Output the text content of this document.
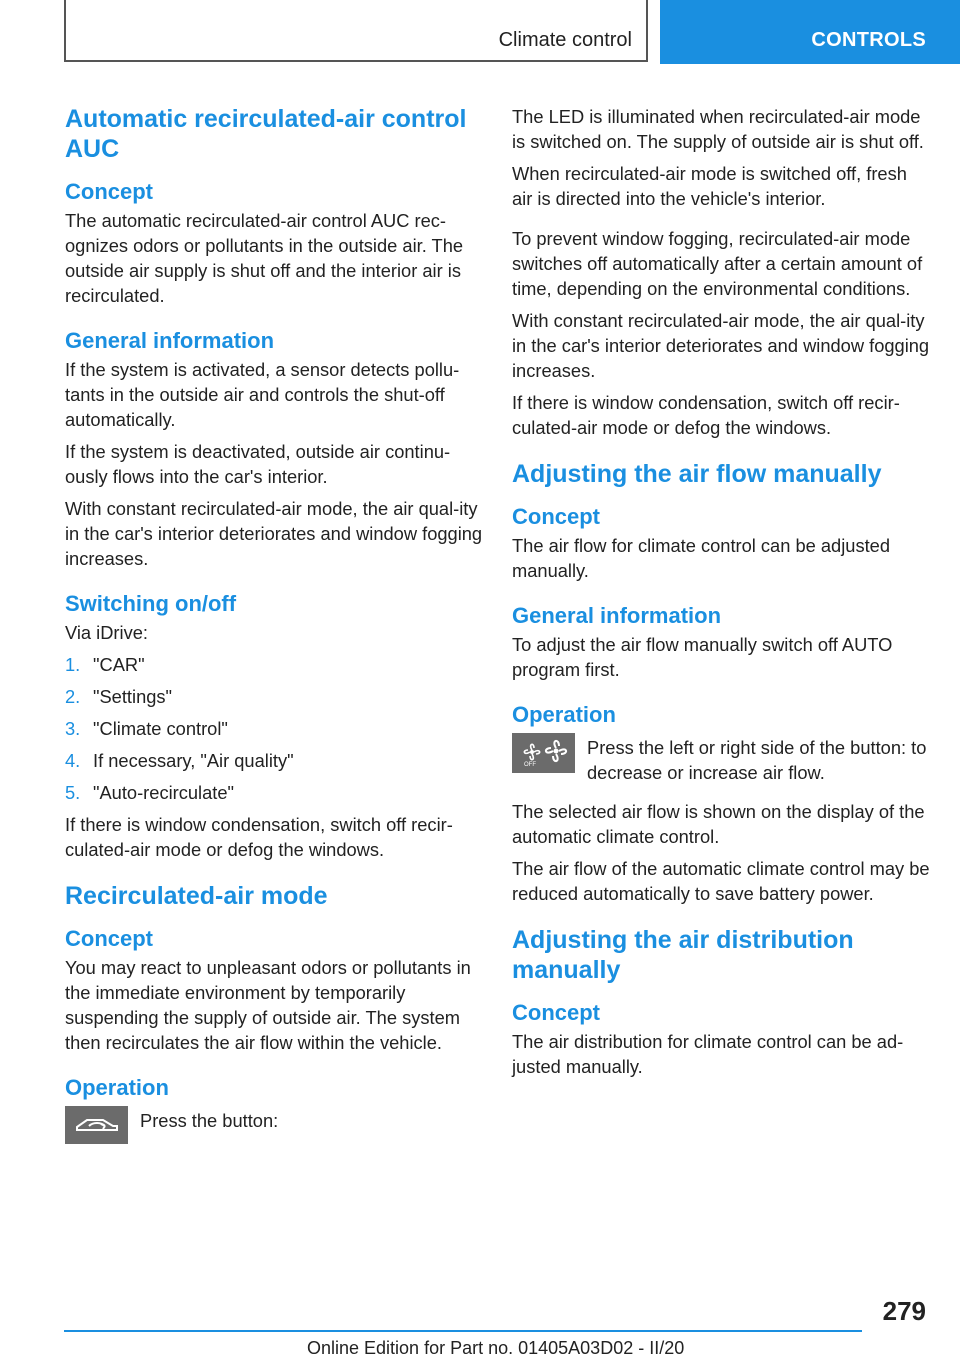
Climate control	CONTROLS
Automatic recirculated-air control AUC
Concept

The automatic recirculated-air control AUC rec‐ognizes odors or pollutants in the outside air. The outside air supply is shut off and the interior air is recirculated.

General information

If the system is activated, a sensor detects pollu‐tants in the outside air and controls the shut-off automatically.

If the system is deactivated, outside air continu‐ously flows into the car's interior.

With constant recirculated-air mode, the air qual‐ity in the car's interior deteriorates and window fogging increases.

Switching on/off

Via iDrive:

1. "CAR"
2. "Settings"
3. "Climate control"
4. If necessary, "Air quality"
5. "Auto-recirculate"

If there is window condensation, switch off recir‐culated-air mode or defog the windows.

Recirculated-air mode
Concept

You may react to unpleasant odors or pollutants in the immediate environment by temporarily suspending the supply of outside air. The system then recirculates the air flow within the vehicle.

Operation
Press the button:

The LED is illuminated when recirculated-air mode is switched on. The supply of outside air is shut off.

When recirculated-air mode is switched off, fresh air is directed into the vehicle's interior.

To prevent window fogging, recirculated-air mode switches off automatically after a certain amount of time, depending on the environmental conditions.

With constant recirculated-air mode, the air qual‐ity in the car's interior deteriorates and window fogging increases.

If there is window condensation, switch off recir‐culated-air mode or defog the windows.

Adjusting the air flow manually
Concept

The air flow for climate control can be adjusted manually.

General information

To adjust the air flow manually switch off AUTO program first.

Operation
OFF
Press the left or right side of the button: to decrease or increase air flow.

The selected air flow is shown on the display of the automatic climate control.

The air flow of the automatic climate control may be reduced automatically to save battery power.

Adjusting the air distribution manually
Concept

The air distribution for climate control can be ad‐justed manually.

279
Online Edition for Part no. 01405A03D02 - II/20
